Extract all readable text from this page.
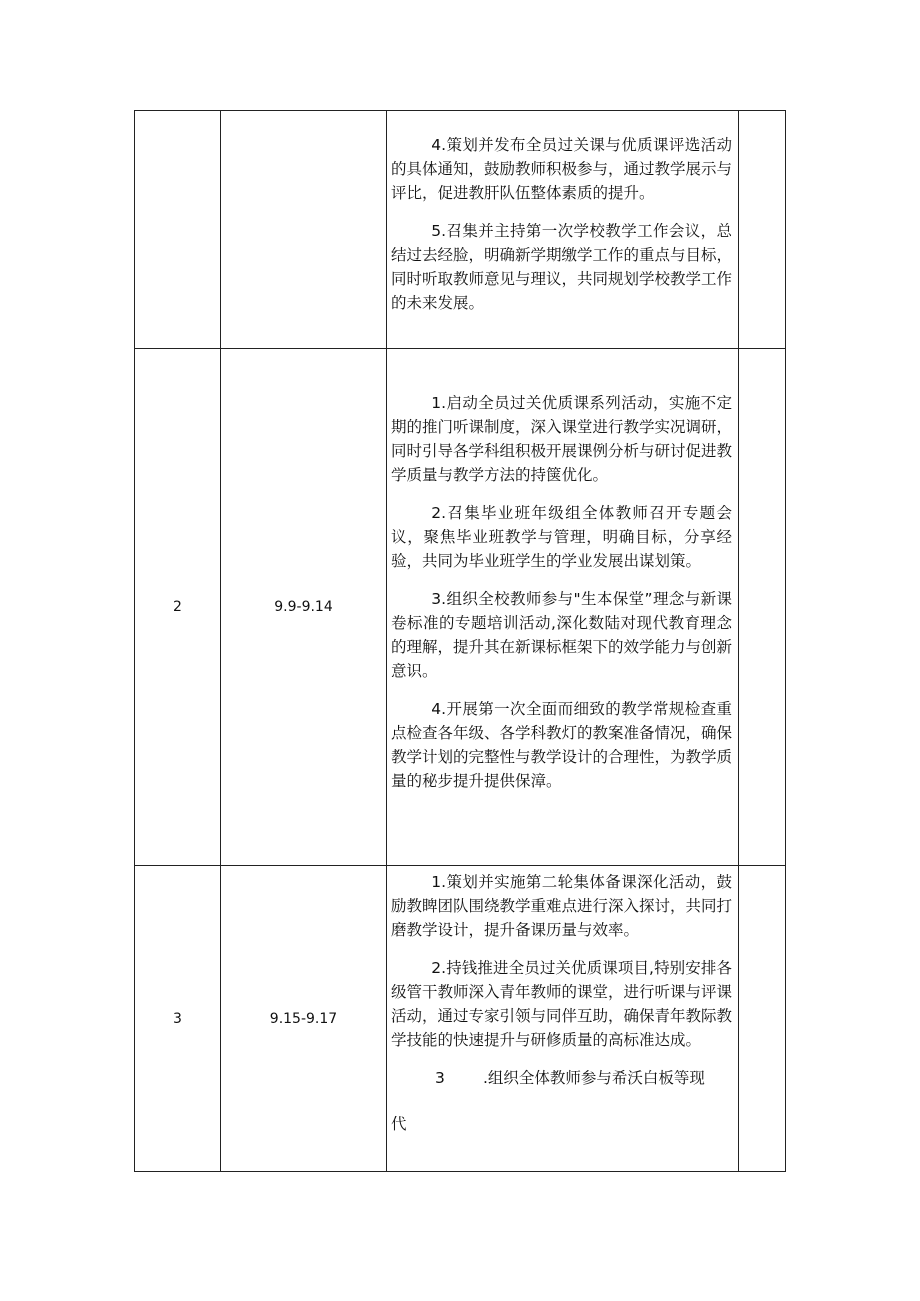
		4.策划并发布全员过关课与优质课评选活动的具体通知，鼓励教师积极参与，通过教学展示与评比，促进教肝队伍整体素质的提升。

5.召集并主持第一次学校教学工作会议，总结过去经脸，明确新学期缴学工作的重点与目标，同时听取教师意见与理议，共同规划学校教学工作的未来发展。	

2	9.9-9.14	1.启动全员过关优质课系列活动，实施不定期的推门听课制度，深入课堂进行教学实况调研，同时引导各学科组积极开展课例分析与研讨促进教学质量与教学方法的持箧优化。

2.召集毕业班年级组全体教师召开专题会议，聚焦毕业班教学与管理，明确目标，分享经验，共同为毕业班学生的学业发展出谋划策。

3.组织全校教师参与"生本保堂”理念与新课卷标准的专题培训活动,深化数陆对现代教育理念的理解，提升其在新课标框架下的效学能力与创新意识。

4.开展第一次全面而细致的教学常规检查重点检查各年级、各学科教灯的教案准备情况，确保教学计划的完整性与教学设计的合理性，为教学质量的秘步提升提供保漳。	

3	9.15-9.17	1.策划并实施第二轮集体备课深化活动，鼓励教睥团队围绕教学重难点进行深入探讨，共同打磨教学设计，提升备课历量与效率。

2.持钱推进全员过关优质课项目,特别安排各级管干教师深入青年教师的课堂，进行听课与评课活动，通过专家引领与同伴互助，确保青年教际教学技能的快速提升与研修质量的高标准达成。

3 .组织全体教师参与希沃白板等现
代	
